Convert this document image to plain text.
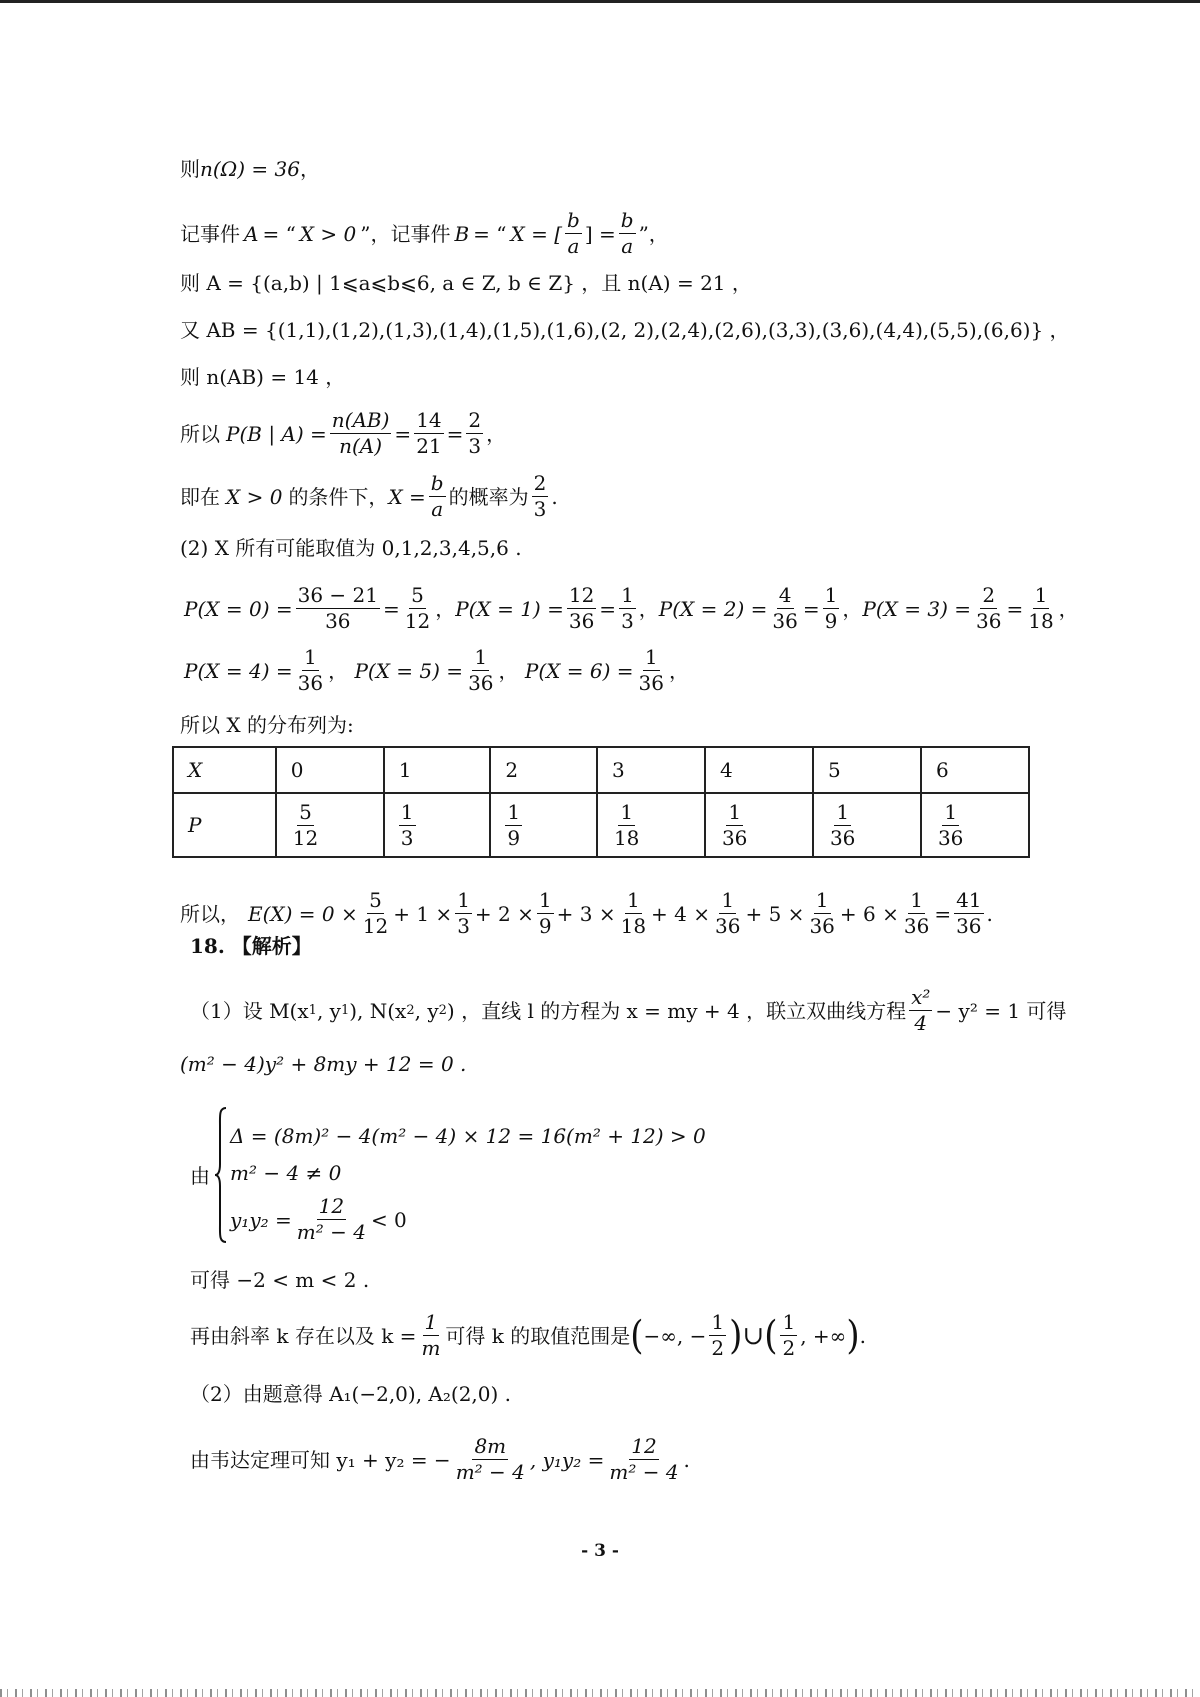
则 n(Ω) = 36 ，
记事件 A = “ X > 0 ”，记事件 B = “ X = [ $\frac{b}{a}$ ] = $\frac{b}{a}$ ”，
则 A = {(a,b) | 1⩽a⩽b⩽6, a ∈ Z, b ∈ Z} ，且 n(A) = 21 ，
又 AB = {(1,1),(1,2),(1,3),(1,4),(1,5),(1,6),(2, 2),(2,4),(2,6),(3,3),(3,6),(4,4),(5,5),(6,6)} ，
则 n(AB) = 14 ，
所以 P(B | $A) = \frac{n(AB)}{n(A)} = \frac{14}{21} = \frac{2}{3}$ ，
即在 X > 0 的条件下， $X = \frac{b}{a}$ 的概率为 $\frac{2}{3}$ .
(2) X 所有可能取值为 0,1,2,3,4,5,6 .
$P(X = 0) = \frac{36 - 21}{36} = \frac{5}{12}$ ， $P(X = 1) = \frac{12}{36} = \frac{1}{3}$ ， $P(X = 2) = \frac{4}{36} = \frac{1}{9}$ ， $P(X = 3) = \frac{2}{36} = \frac{1}{18}$ ，
$P(X = 4) = \frac{1}{36}$ ， $P(X = 5) = \frac{1}{36}$ ， $P(X = 6) = \frac{1}{36}$ ，
所以 X 的分布列为:
X	0	1	2	3	4	5	6
P	$\frac{5}{12}$	$\frac{1}{3}$	$\frac{1}{9}$	$\frac{1}{18}$	$\frac{1}{36}$	$\frac{1}{36}$	$\frac{1}{36}$
所以， $E(X) = 0 \times \frac{5}{12} + 1 \times \frac{1}{3} + 2 \times \frac{1}{9} + 3 \times \frac{1}{18} + 4 \times \frac{1}{36} + 5 \times \frac{1}{36} + 6 \times \frac{1}{36} = \frac{41}{36}$ .
18. 【解析】
（1）设 M(x 1 , y 1 ), N(x 2 , y 2 ) ，直线 l 的方程为 x = my + 4 ，联立双曲线方程 $\frac{\text{x²}}{4} - y^2 = 1$ 可得
(m² − 4)y² + 8my + 12 = 0 .
由
Δ = (8m)² − 4(m² − 4) × 12 = 16(m² + 12) > 0
m² − 4 ≠ 0
$y_1y_2 = \frac{12}{\text{m² − 4}} < 0$
可得 −2 < m < 2 .
再由斜率 k 存在以及 $k = \frac{1}{m}$ 可得 k 的取值范围是 ( −∞, − $\frac{1}{2}$ ) ∪ ( $\frac{1}{2}$ , +∞ ) .
（2）由题意得 A₁(−2,0), A₂(2,0) .
由韦达定理可知 y₁ + y₂ = − $\frac{8m}{\text{m² − 4}}$ , $y_1y_2 = \frac{12}{\text{m² − 4}}$ .
- 3 -
